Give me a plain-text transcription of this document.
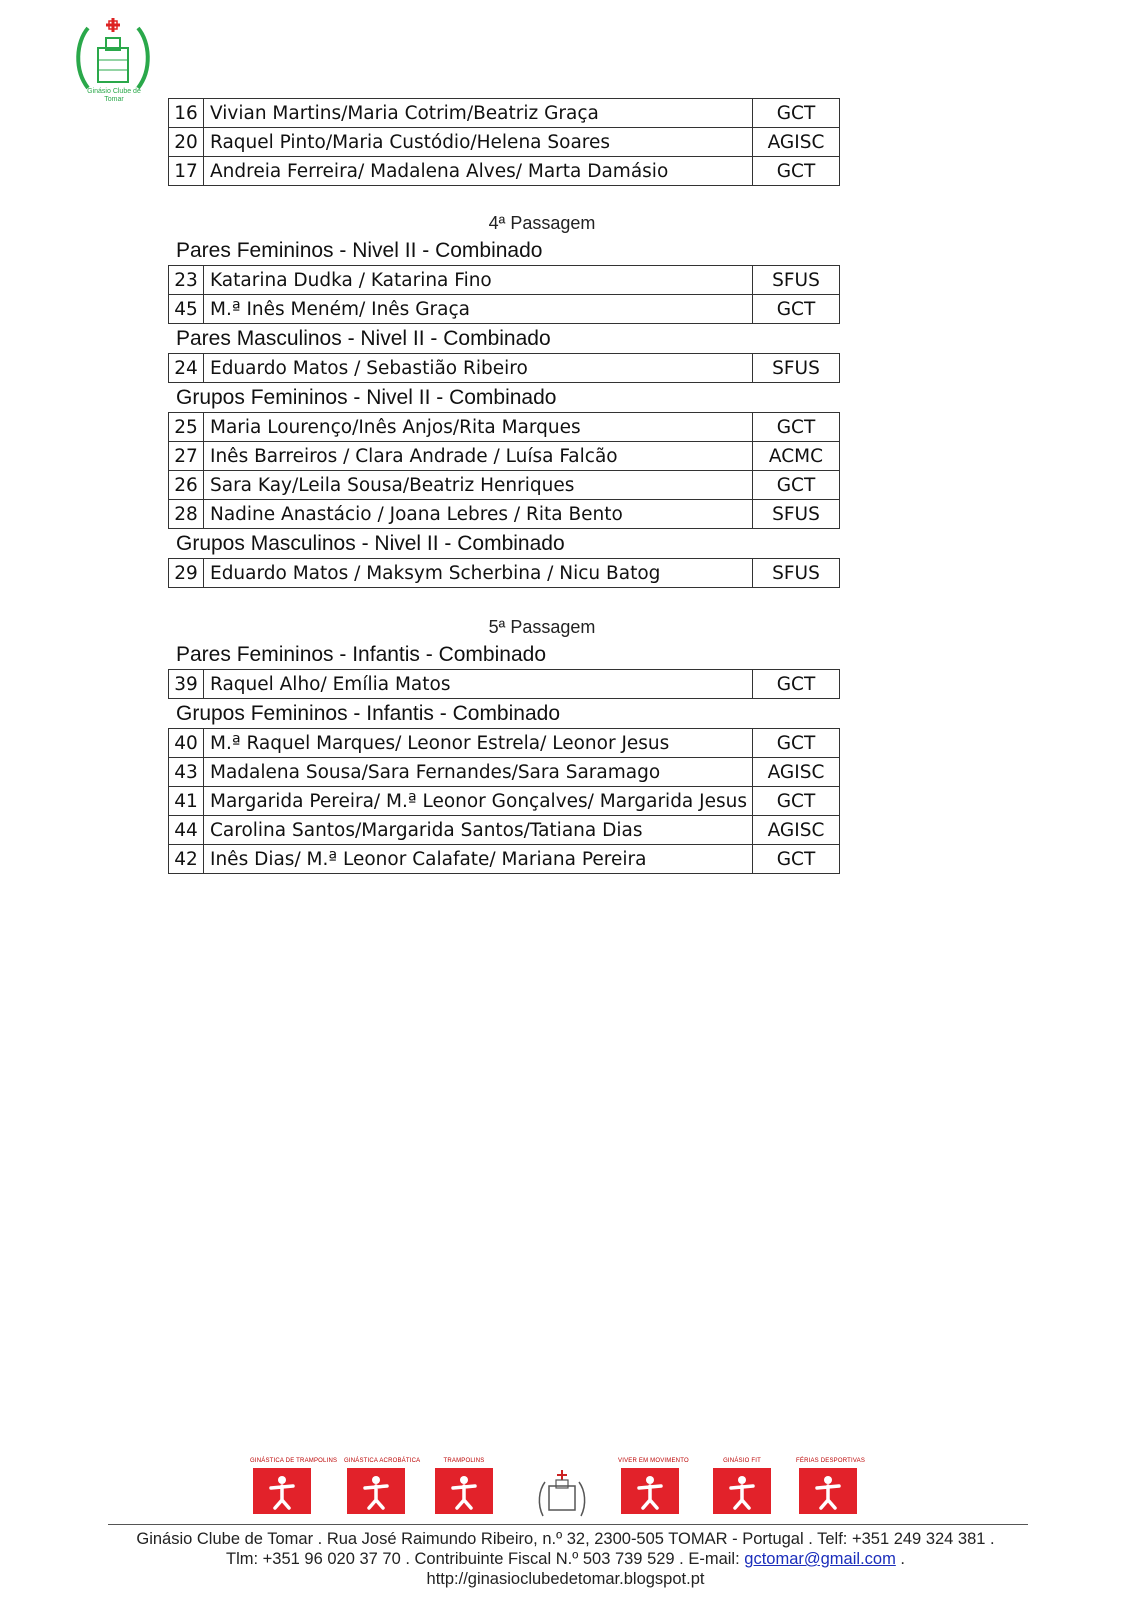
Ginásio Clube de Tomar
16	Vivian Martins/Maria Cotrim/Beatriz Graça	GCT
20	Raquel Pinto/Maria Custódio/Helena Soares	AGISC
17	Andreia Ferreira/ Madalena Alves/ Marta Damásio	GCT
4ª Passagem
Pares Femininos - Nivel II - Combinado
23	Katarina Dudka / Katarina Fino	SFUS
45	M.ª Inês Meném/ Inês Graça	GCT
Pares Masculinos - Nivel II - Combinado
24	Eduardo Matos / Sebastião Ribeiro	SFUS
Grupos Femininos - Nivel II - Combinado
25	Maria Lourenço/Inês Anjos/Rita Marques	GCT
27	Inês Barreiros / Clara Andrade / Luísa Falcão	ACMC
26	Sara Kay/Leila Sousa/Beatriz Henriques	GCT
28	Nadine Anastácio / Joana Lebres / Rita Bento	SFUS
Grupos Masculinos - Nivel II - Combinado
29	Eduardo Matos / Maksym Scherbina / Nicu Batog	SFUS
5ª Passagem
Pares Femininos - Infantis - Combinado
39	Raquel Alho/ Emília Matos	GCT
Grupos Femininos - Infantis - Combinado
40	M.ª Raquel Marques/ Leonor Estrela/ Leonor Jesus	GCT
43	Madalena Sousa/Sara Fernandes/Sara Saramago	AGISC
41	Margarida Pereira/ M.ª Leonor Gonçalves/ Margarida Jesus	GCT
44	Carolina Santos/Margarida Santos/Tatiana Dias	AGISC
42	Inês Dias/ M.ª Leonor Calafate/ Mariana Pereira	GCT
GINÁSTICA DE TRAMPOLINS GINÁSTICA ACROBÁTICA	TRAMPOLINS	VIVER EM MOVIMENTO	GINÁSIO FIT	FÉRIAS DESPORTIVAS
Ginásio Clube de Tomar . Rua José Raimundo Ribeiro, n.º 32, 2300-505 TOMAR - Portugal . Telf: +351 249 324 381 .
Tlm: +351 96 020 37 70 . Contribuinte Fiscal N.º 503 739 529 . E-mail: gctomar@gmail.com .
http://ginasioclubedetomar.blogspot.pt
